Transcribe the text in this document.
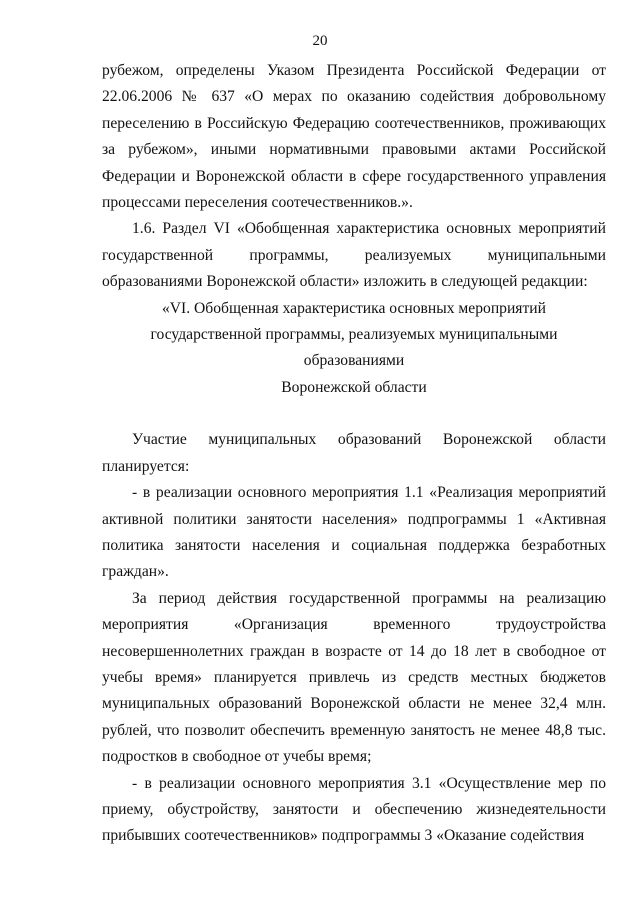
20

рубежом, определены Указом Президента Российской Федерации от 22.06.2006 № 637 «О мерах по оказанию содействия добровольному переселению в Российскую Федерацию соотечественников, проживающих за рубежом», иными нормативными правовыми актами Российской Федерации и Воронежской области в сфере государственного управления процессами переселения соотечественников.».

1.6. Раздел VI «Обобщенная характеристика основных мероприятий государственной программы, реализуемых муниципальными образованиями Воронежской области» изложить в следующей редакции:

«VI. Обобщенная характеристика основных мероприятий

государственной программы, реализуемых муниципальными образованиями

Воронежской области

Участие муниципальных образований Воронежской области планируется:

- в реализации основного мероприятия 1.1 «Реализация мероприятий активной политики занятости населения» подпрограммы 1 «Активная политика занятости населения и социальная поддержка безработных граждан».

За период действия государственной программы на реализацию мероприятия «Организация временного трудоустройства несовершеннолетних граждан в возрасте от 14 до 18 лет в свободное от учебы время» планируется привлечь из средств местных бюджетов муниципальных образований Воронежской области не менее 32,4 млн. рублей, что позволит обеспечить временную занятость не менее 48,8 тыс. подростков в свободное от учебы время;

- в реализации основного мероприятия 3.1 «Осуществление мер по приему, обустройству, занятости и обеспечению жизнедеятельности прибывших соотечественников» подпрограммы 3 «Оказание содействия
